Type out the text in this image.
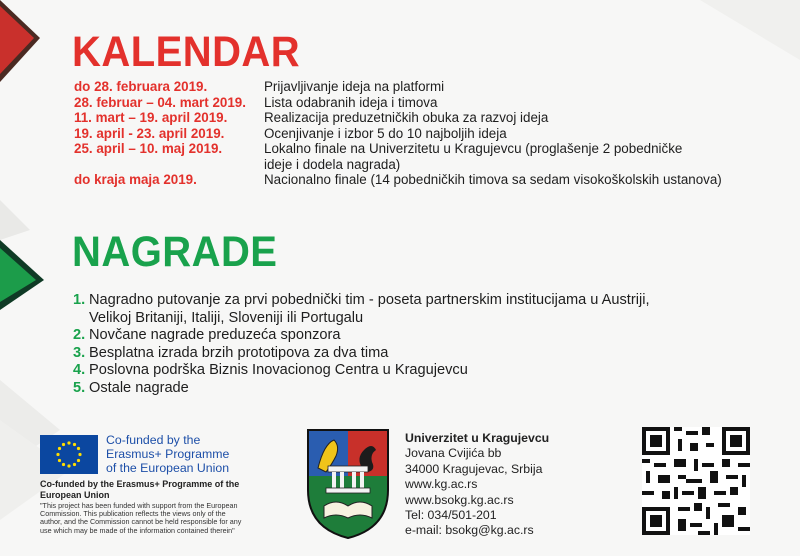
KALENDAR
do 28. februara 2019.	Prijavljivanje ideja na platformi
28. februar – 04. mart 2019.	Lista odabranih ideja i timova
11. mart – 19. april 2019.	Realizacija preduzetničkih obuka za razvoj ideja
19. april - 23. april 2019.	Ocenjivanje i izbor 5 do 10 najboljih ideja
25. april – 10. maj 2019.	Lokalno finale na Univerzitetu u Kragujevcu (proglašenje 2 pobedničke
ideje i dodela nagrada)
do kraja maja 2019.	Nacionalno finale (14 pobedničkih timova sa sedam visokoškolskih ustanova)
NAGRADE
1. Nagradno putovanje za prvi pobednički tim - poseta partnerskim institucijama u Austriji,
Velikoj Britaniji, Italiji, Sloveniji ili Portugalu
2. Novčane nagrade preduzeća sponzora
3. Besplatna izrada brzih prototipova za dva tima
4. Poslovna podrška Biznis Inovacionog Centra u Kragujevcu
5. Ostale nagrade
Co-funded by the
Erasmus+ Programme
of the European Union
Co-funded by the Erasmus+ Programme of the
European Union
"This project has been funded with support from the European
Commission. This publication reflects the views only of the
author, and the Commission cannot be held responsible for any
use which may be made of the information contained therein"
Univerzitet u Kragujevcu
Jovana Cvijića bb
34000 Kragujevac, Srbija
www.kg.ac.rs
www.bsokg.kg.ac.rs
Tel: 034/501-201
e-mail: bsokg@kg.ac.rs
